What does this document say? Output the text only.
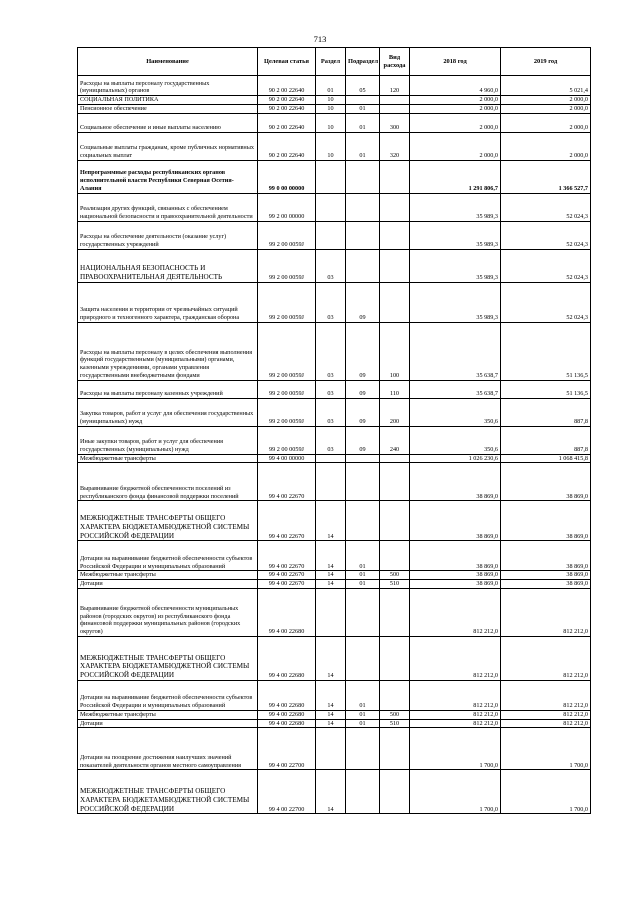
713
Наименование	Целевая статья	Раздел	Подраздел	Вид расхода	2018 год	2019 год
Расходы на выплаты персоналу государственных (муниципальных) органов	90 2 00 22640	01	05	120	4 960,0	5 021,4
СОЦИАЛЬНАЯ ПОЛИТИКА	90 2 00 22640	10			2 000,0	2 000,0
Пенсионное обеспечение	90 2 00 22640	10	01		2 000,0	2 000,0
Социальное обеспечение и иные выплаты населению	90 2 00 22640	10	01	300	2 000,0	2 000,0
Социальные выплаты гражданам, кроме публичных нормативных социальных выплат	90 2 00 22640	10	01	320	2 000,0	2 000,0
Непрограммные расходы республиканских органов исполнительной власти Республики Северная Осетия-Алания	99 0 00 00000				1 291 806,7	1 366 527,7
Реализация других функций, связанных с обеспечением национальной безопасности и правоохранительной деятельности	99 2 00 00000				35 989,3	52 024,3
Расходы на обеспечение деятельности (оказание услуг) государственных учреждений	99 2 00 0059J				35 989,3	52 024,3
НАЦИОНАЛЬНАЯ БЕЗОПАСНОСТЬ И ПРАВООХРАНИТЕЛЬНАЯ ДЕЯТЕЛЬНОСТЬ	99 2 00 0059J	03			35 989,3	52 024,3
Защита населения и территории от чрезвычайных ситуаций природного и техногенного характера, гражданская оборона	99 2 00 0059J	03	09		35 989,3	52 024,3
Расходы на выплаты персоналу в целях обеспечения выполнения функций государственными (муниципальными) органами, казенными учреждениями, органами управления государственными внебюджетными фондами	99 2 00 0059J	03	09	100	35 638,7	51 136,5
Расходы на выплаты персоналу казенных учреждений	99 2 00 0059J	03	09	110	35 638,7	51 136,5
Закупка товаров, работ и услуг для обеспечения государственных (муниципальных) нужд	99 2 00 0059J	03	09	200	350,6	887,8
Иные закупки товаров, работ и услуг для обеспечения государственных (муниципальных) нужд	99 2 00 0059J	03	09	240	350,6	887,8
Межбюджетные трансферты	99 4 00 00000				1 026 230,6	1 068 415,8
Выравнивание бюджетной обеспеченности поселений из республиканского фонда финансовой поддержки поселений	99 4 00 22670				38 869,0	38 869,0
МЕЖБЮДЖЕТНЫЕ ТРАНСФЕРТЫ ОБЩЕГО ХАРАКТЕРА БЮДЖЕТАМБЮДЖЕТНОЙ СИСТЕМЫ РОССИЙСКОЙ ФЕДЕРАЦИИ	99 4 00 22670	14			38 869,0	38 869,0
Дотации на выравнивание бюджетной обеспеченности субъектов Российской Федерации и муниципальных образований	99 4 00 22670	14	01		38 869,0	38 869,0
Межбюджетные трансферты	99 4 00 22670	14	01	500	38 869,0	38 869,0
Дотации	99 4 00 22670	14	01	510	38 869,0	38 869,0
Выравнивание бюджетной обеспеченности муниципальных районов (городских округов) из республиканского фонда финансовой поддержки муниципальных районов (городских округов)	99 4 00 22680				812 212,0	812 212,0
МЕЖБЮДЖЕТНЫЕ ТРАНСФЕРТЫ ОБЩЕГО ХАРАКТЕРА БЮДЖЕТАМБЮДЖЕТНОЙ СИСТЕМЫ РОССИЙСКОЙ ФЕДЕРАЦИИ	99 4 00 22680	14			812 212,0	812 212,0
Дотации на выравнивание бюджетной обеспеченности субъектов Российской Федерации и муниципальных образований	99 4 00 22680	14	01		812 212,0	812 212,0
Межбюджетные трансферты	99 4 00 22680	14	01	500	812 212,0	812 212,0
Дотации	99 4 00 22680	14	01	510	812 212,0	812 212,0
Дотации на поощрение достижения наилучших значений показателей деятельности органов местного самоуправления	99 4 00 22700				1 700,0	1 700,0
МЕЖБЮДЖЕТНЫЕ ТРАНСФЕРТЫ ОБЩЕГО ХАРАКТЕРА БЮДЖЕТАМБЮДЖЕТНОЙ СИСТЕМЫ РОССИЙСКОЙ ФЕДЕРАЦИИ	99 4 00 22700	14			1 700,0	1 700,0
